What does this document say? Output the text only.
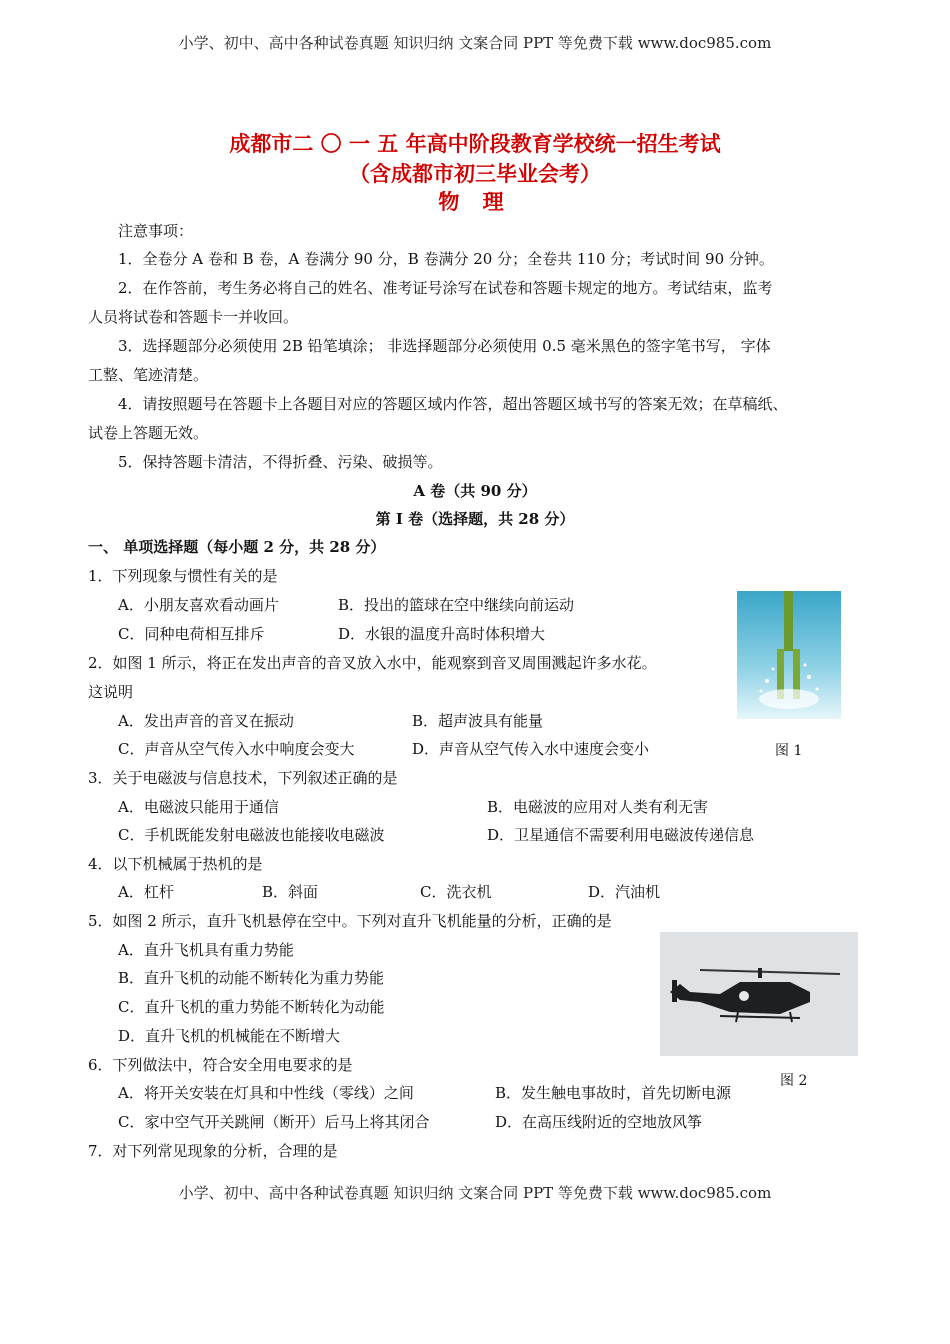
小学、初中、高中各种试卷真题 知识归纳 文案合同 PPT 等免费下载 www.doc985.com
成都市二 〇 一 五 年高中阶段教育学校统一招生考试
（含成都市初三毕业会考）
物 理
注意事项：
1．全卷分 A 卷和 B 卷，A 卷满分 90 分，B 卷满分 20 分；全卷共 110 分；考试时间 90 分钟。
2．在作答前，考生务必将自己的姓名、准考证号涂写在试卷和答题卡规定的地方。考试结束，监考
人员将试卷和答题卡一并收回。
3．选择题部分必须使用 2B 铅笔填涂； 非选择题部分必须使用 0.5 毫米黑色的签字笔书写， 字体
工整、笔迹清楚。
4．请按照题号在答题卡上各题目对应的答题区域内作答，超出答题区域书写的答案无效；在草稿纸、
试卷上答题无效。
5．保持答题卡清洁，不得折叠、污染、破损等。
A 卷（共 90 分）
第 I 卷（选择题，共 28 分）
一、 单项选择题（每小题 2 分，共 28 分）
1．下列现象与惯性有关的是
A．小朋友喜欢看动画片	B．投出的篮球在空中继续向前运动
C．同种电荷相互排斥	D．水银的温度升高时体积增大
图 1
2．如图 1 所示，将正在发出声音的音叉放入水中，能观察到音叉周围溅起许多水花。
这说明
A．发出声音的音叉在振动	B．超声波具有能量
C．声音从空气传入水中响度会变大	D．声音从空气传入水中速度会变小
3．关于电磁波与信息技术，下列叙述正确的是
A．电磁波只能用于通信	B．电磁波的应用对人类有利无害
C．手机既能发射电磁波也能接收电磁波	D．卫星通信不需要利用电磁波传递信息
4．以下机械属于热机的是
A．杠杆	B．斜面	C．洗衣机	D．汽油机
5．如图 2 所示，直升飞机悬停在空中。下列对直升飞机能量的分析，正确的是
A．直升飞机具有重力势能
B．直升飞机的动能不断转化为重力势能
C．直升飞机的重力势能不断转化为动能
D．直升飞机的机械能在不断增大
图 2
6．下列做法中，符合安全用电要求的是
A．将开关安装在灯具和中性线（零线）之间	B．发生触电事故时，首先切断电源
C．家中空气开关跳闸（断开）后马上将其闭合	D．在高压线附近的空地放风筝
7．对下列常见现象的分析，合理的是
小学、初中、高中各种试卷真题 知识归纳 文案合同 PPT 等免费下载 www.doc985.com
